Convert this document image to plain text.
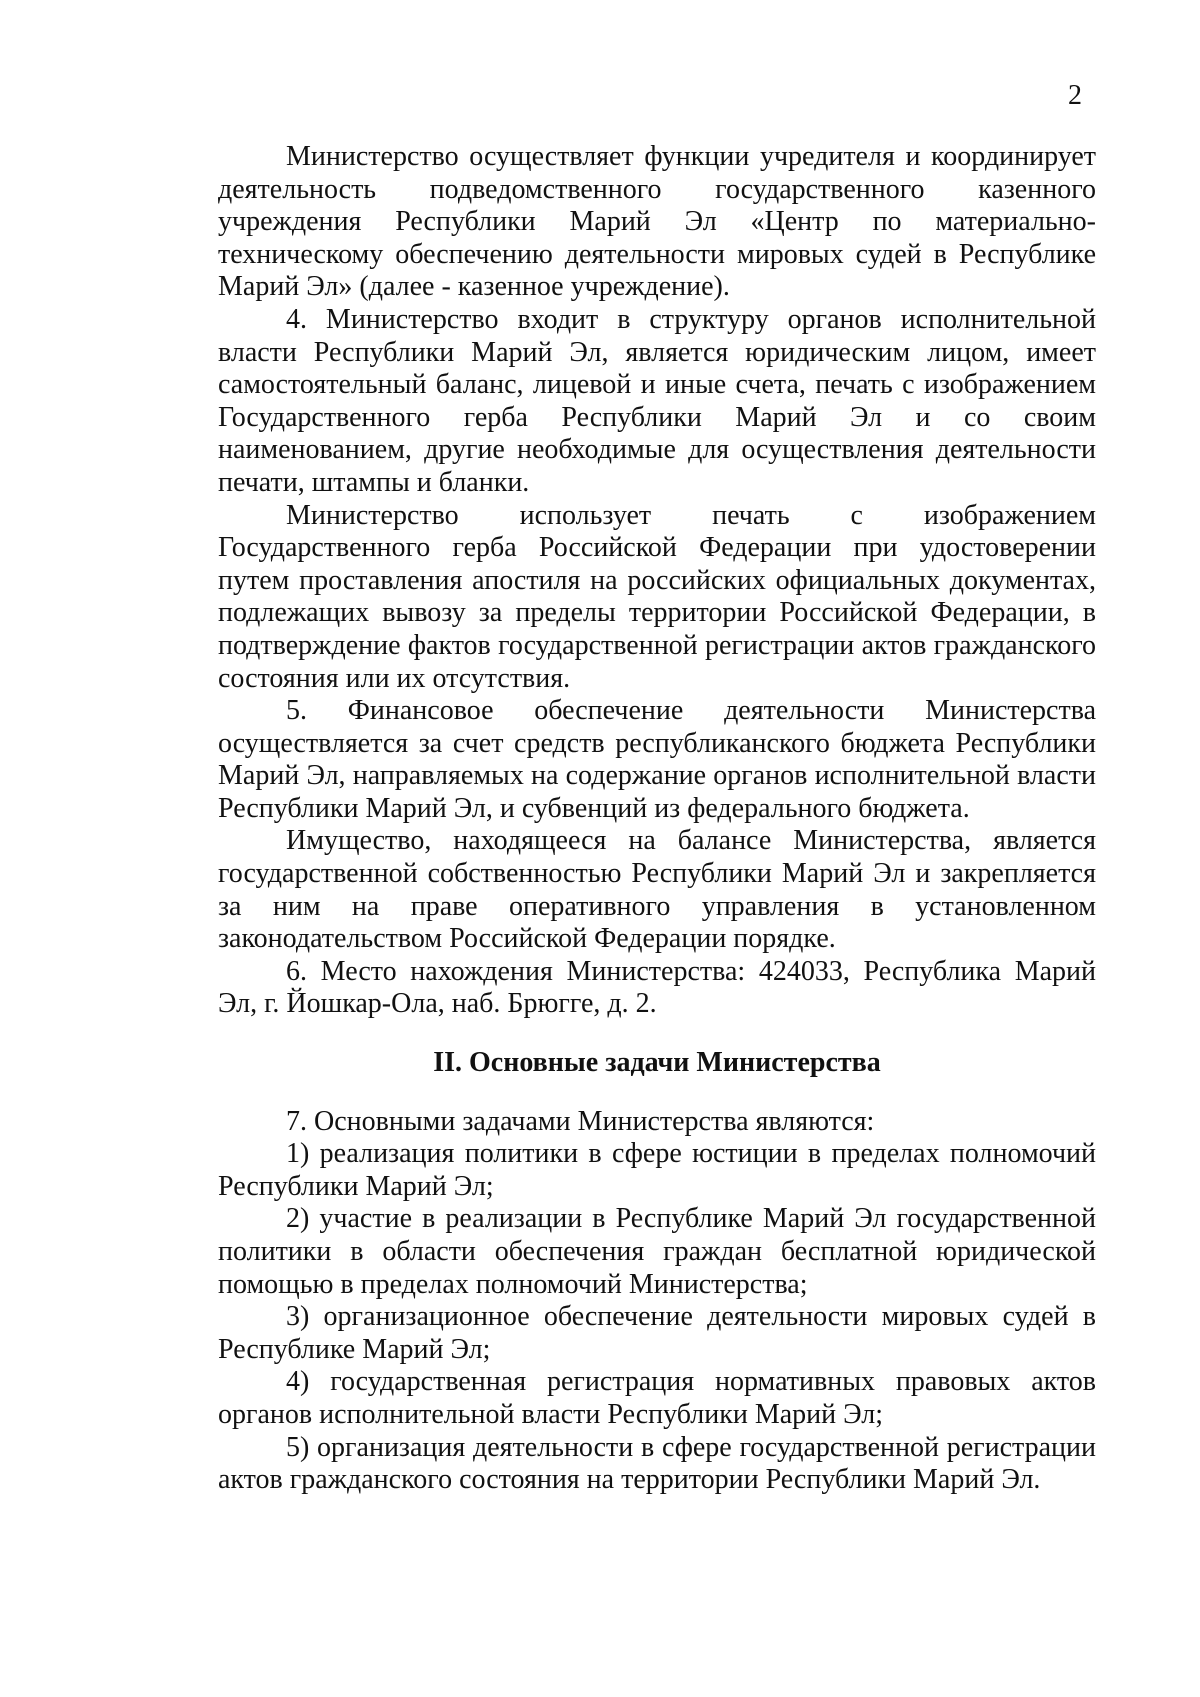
2

Министерство осуществляет функции учредителя и координирует деятельность подведомственного государственного казенного учреждения Республики Марий Эл «Центр по материально-техническому обеспечению деятельности мировых судей в Республике Марий Эл» (далее - казенное учреждение).

4. Министерство входит в структуру органов исполнительной власти Республики Марий Эл, является юридическим лицом, имеет самостоятельный баланс, лицевой и иные счета, печать с изображением Государственного герба Республики Марий Эл и со своим наименованием, другие необходимые для осуществления деятельности печати, штампы и бланки.

Министерство использует печать с изображением Государственного герба Российской Федерации при удостоверении путем проставления апостиля на российских официальных документах, подлежащих вывозу за пределы территории Российской Федерации, в подтверждение фактов государственной регистрации актов гражданского состояния или их отсутствия.

5. Финансовое обеспечение деятельности Министерства осуществляется за счет средств республиканского бюджета Республики Марий Эл, направляемых на содержание органов исполнительной власти Республики Марий Эл, и субвенций из федерального бюджета.

Имущество, находящееся на балансе Министерства, является государственной собственностью Республики Марий Эл и закрепляется за ним на праве оперативного управления в установленном законодательством Российской Федерации порядке.

6. Место нахождения Министерства: 424033, Республика Марий Эл, г. Йошкар-Ола, наб. Брюгге, д. 2.

II. Основные задачи Министерства

7. Основными задачами Министерства являются:

1) реализация политики в сфере юстиции в пределах полномочий Республики Марий Эл;

2) участие в реализации в Республике Марий Эл государственной политики в области обеспечения граждан бесплатной юридической помощью в пределах полномочий Министерства;

3) организационное обеспечение деятельности мировых судей в Республике Марий Эл;

4) государственная регистрация нормативных правовых актов органов исполнительной власти Республики Марий Эл;

5) организация деятельности в сфере государственной регистрации актов гражданского состояния на территории Республики Марий Эл.
